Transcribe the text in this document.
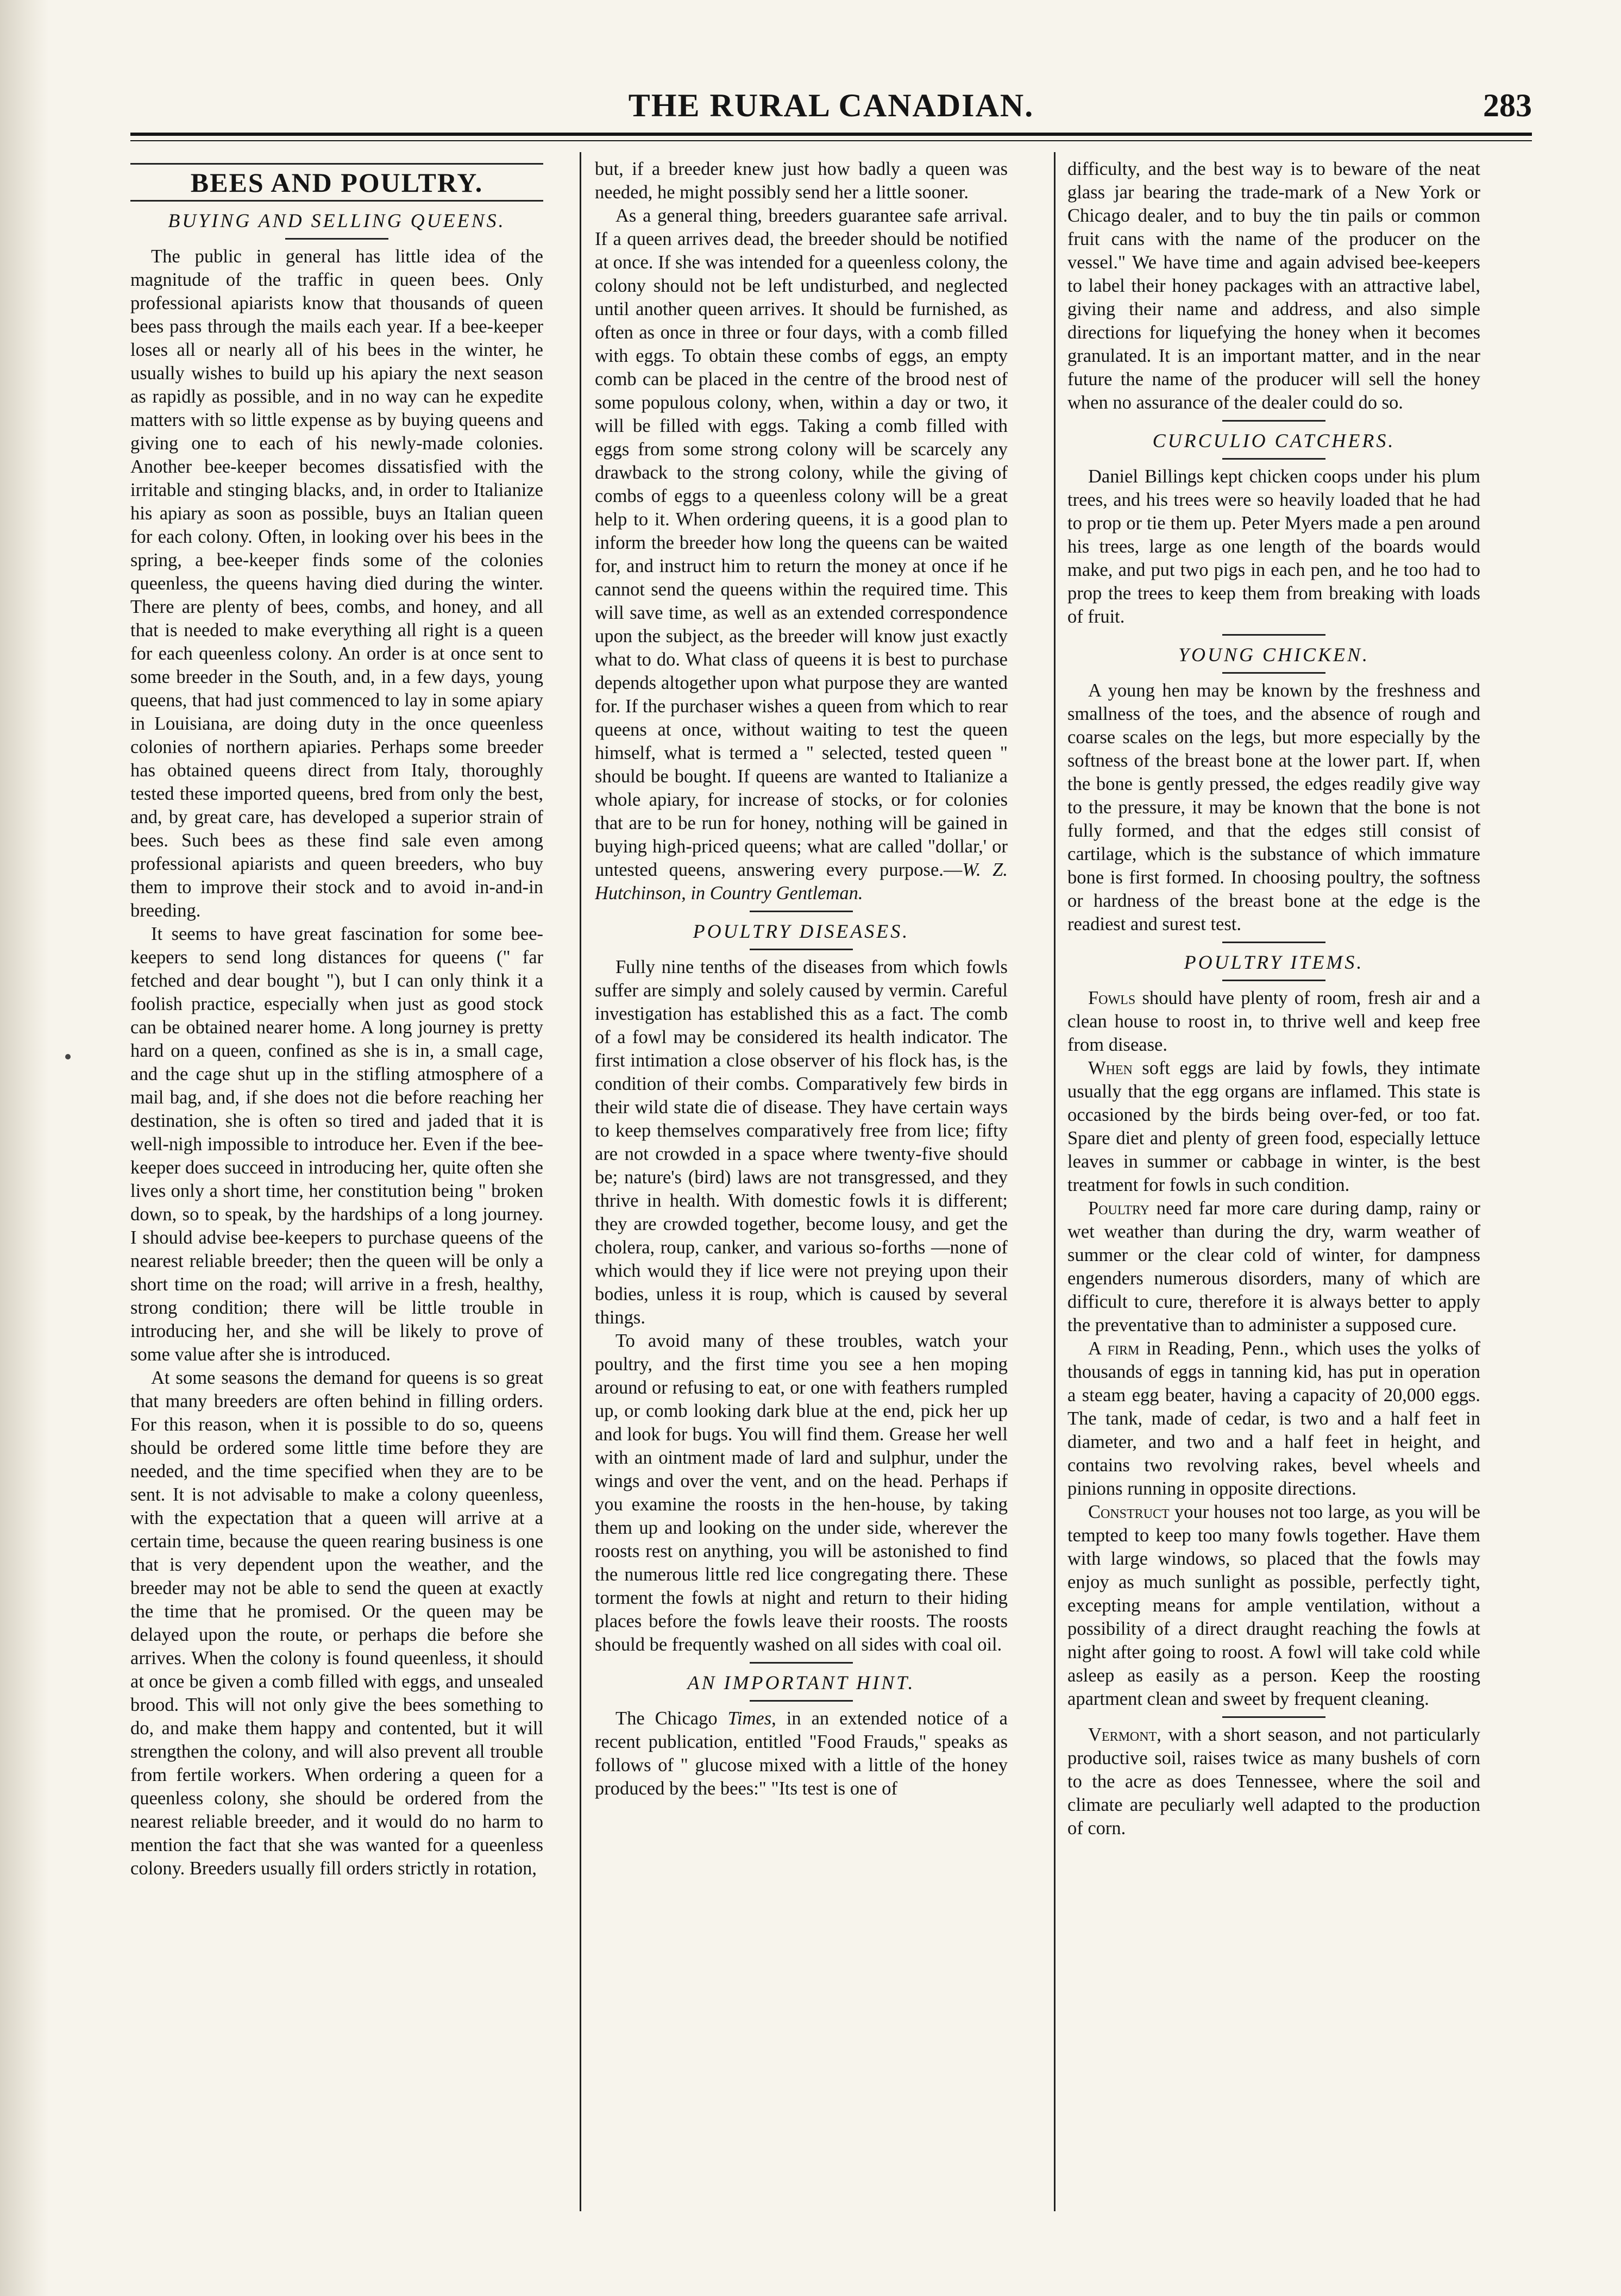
THE RURAL CANADIAN.	283
BEES AND POULTRY.
BUYING AND SELLING QUEENS.

The public in general has little idea of the magnitude of the traffic in queen bees. Only professional apiarists know that thousands of queen bees pass through the mails each year. If a bee-keeper loses all or nearly all of his bees in the winter, he usually wishes to build up his apiary the next season as rapidly as possible, and in no way can he expedite matters with so little expense as by buying queens and giving one to each of his newly-made colonies. Another bee-keeper becomes dissatisfied with the irritable and stinging blacks, and, in order to Italianize his apiary as soon as possible, buys an Italian queen for each colony. Often, in looking over his bees in the spring, a bee-keeper finds some of the colonies queenless, the queens having died during the winter. There are plenty of bees, combs, and honey, and all that is needed to make everything all right is a queen for each queenless colony. An order is at once sent to some breeder in the South, and, in a few days, young queens, that had just commenced to lay in some apiary in Louisiana, are doing duty in the once queenless colonies of northern apiaries. Perhaps some breeder has obtained queens direct from Italy, thoroughly tested these imported queens, bred from only the best, and, by great care, has developed a superior strain of bees. Such bees as these find sale even among professional apiarists and queen breeders, who buy them to improve their stock and to avoid in-and-in breeding.

It seems to have great fascination for some bee-keepers to send long distances for queens (" far fetched and dear bought "), but I can only think it a foolish practice, especially when just as good stock can be obtained nearer home. A long journey is pretty hard on a queen, confined as she is in, a small cage, and the cage shut up in the stifling atmosphere of a mail bag, and, if she does not die before reaching her destination, she is often so tired and jaded that it is well-nigh impossible to introduce her. Even if the bee-keeper does succeed in introducing her, quite often she lives only a short time, her constitution being " broken down, so to speak, by the hardships of a long journey. I should advise bee-keepers to purchase queens of the nearest reliable breeder; then the queen will be only a short time on the road; will arrive in a fresh, healthy, strong condition; there will be little trouble in introducing her, and she will be likely to prove of some value after she is introduced.

At some seasons the demand for queens is so great that many breeders are often behind in filling orders. For this reason, when it is possible to do so, queens should be ordered some little time before they are needed, and the time specified when they are to be sent. It is not advisable to make a colony queenless, with the expectation that a queen will arrive at a certain time, because the queen rearing business is one that is very dependent upon the weather, and the breeder may not be able to send the queen at exactly the time that he promised. Or the queen may be delayed upon the route, or perhaps die before she arrives. When the colony is found queenless, it should at once be given a comb filled with eggs, and unsealed brood. This will not only give the bees something to do, and make them happy and contented, but it will strengthen the colony, and will also prevent all trouble from fertile workers. When ordering a queen for a queenless colony, she should be ordered from the nearest reliable breeder, and it would do no harm to mention the fact that she was wanted for a queenless colony. Breeders usually fill orders strictly in rotation,

but, if a breeder knew just how badly a queen was needed, he might possibly send her a little sooner.

As a general thing, breeders guarantee safe arrival. If a queen arrives dead, the breeder should be notified at once. If she was intended for a queenless colony, the colony should not be left undisturbed, and neglected until another queen arrives. It should be furnished, as often as once in three or four days, with a comb filled with eggs. To obtain these combs of eggs, an empty comb can be placed in the centre of the brood nest of some populous colony, when, within a day or two, it will be filled with eggs. Taking a comb filled with eggs from some strong colony will be scarcely any drawback to the strong colony, while the giving of combs of eggs to a queenless colony will be a great help to it. When ordering queens, it is a good plan to inform the breeder how long the queens can be waited for, and instruct him to return the money at once if he cannot send the queens within the required time. This will save time, as well as an extended correspondence upon the subject, as the breeder will know just exactly what to do. What class of queens it is best to purchase depends altogether upon what purpose they are wanted for. If the purchaser wishes a queen from which to rear queens at once, without waiting to test the queen himself, what is termed a " selected, tested queen " should be bought. If queens are wanted to Italianize a whole apiary, for increase of stocks, or for colonies that are to be run for honey, nothing will be gained in buying high-priced queens; what are called "dollar,' or untested queens, answering every purpose.—W. Z. Hutchinson, in Country Gentleman.

POULTRY DISEASES.

Fully nine tenths of the diseases from which fowls suffer are simply and solely caused by vermin. Careful investigation has established this as a fact. The comb of a fowl may be considered its health indicator. The first intimation a close observer of his flock has, is the condition of their combs. Comparatively few birds in their wild state die of disease. They have certain ways to keep themselves comparatively free from lice; fifty are not crowded in a space where twenty-five should be; nature's (bird) laws are not transgressed, and they thrive in health. With domestic fowls it is different; they are crowded together, become lousy, and get the cholera, roup, canker, and various so-forths —none of which would they if lice were not preying upon their bodies, unless it is roup, which is caused by several things.

To avoid many of these troubles, watch your poultry, and the first time you see a hen moping around or refusing to eat, or one with feathers rumpled up, or comb looking dark blue at the end, pick her up and look for bugs. You will find them. Grease her well with an ointment made of lard and sulphur, under the wings and over the vent, and on the head. Perhaps if you examine the roosts in the hen-house, by taking them up and looking on the under side, wherever the roosts rest on anything, you will be astonished to find the numerous little red lice congregating there. These torment the fowls at night and return to their hiding places before the fowls leave their roosts. The roosts should be frequently washed on all sides with coal oil.

AN IMPORTANT HINT.

The Chicago Times, in an extended notice of a recent publication, entitled "Food Frauds," speaks as follows of " glucose mixed with a little of the honey produced by the bees:" "Its test is one of

difficulty, and the best way is to beware of the neat glass jar bearing the trade-mark of a New York or Chicago dealer, and to buy the tin pails or common fruit cans with the name of the producer on the vessel." We have time and again advised bee-keepers to label their honey packages with an attractive label, giving their name and address, and also simple directions for liquefying the honey when it becomes granulated. It is an important matter, and in the near future the name of the producer will sell the honey when no assurance of the dealer could do so.

CURCULIO CATCHERS.

Daniel Billings kept chicken coops under his plum trees, and his trees were so heavily loaded that he had to prop or tie them up. Peter Myers made a pen around his trees, large as one length of the boards would make, and put two pigs in each pen, and he too had to prop the trees to keep them from breaking with loads of fruit.

YOUNG CHICKEN.

A young hen may be known by the freshness and smallness of the toes, and the absence of rough and coarse scales on the legs, but more especially by the softness of the breast bone at the lower part. If, when the bone is gently pressed, the edges readily give way to the pressure, it may be known that the bone is not fully formed, and that the edges still consist of cartilage, which is the substance of which immature bone is first formed. In choosing poultry, the softness or hardness of the breast bone at the edge is the readiest and surest test.

POULTRY ITEMS.

Fowls should have plenty of room, fresh air and a clean house to roost in, to thrive well and keep free from disease.

When soft eggs are laid by fowls, they intimate usually that the egg organs are inflamed. This state is occasioned by the birds being over-fed, or too fat. Spare diet and plenty of green food, especially lettuce leaves in summer or cabbage in winter, is the best treatment for fowls in such condition.

Poultry need far more care during damp, rainy or wet weather than during the dry, warm weather of summer or the clear cold of winter, for dampness engenders numerous disorders, many of which are difficult to cure, therefore it is always better to apply the preventative than to administer a supposed cure.

A firm in Reading, Penn., which uses the yolks of thousands of eggs in tanning kid, has put in operation a steam egg beater, having a capacity of 20,000 eggs. The tank, made of cedar, is two and a half feet in diameter, and two and a half feet in height, and contains two revolving rakes, bevel wheels and pinions running in opposite directions.

Construct your houses not too large, as you will be tempted to keep too many fowls together. Have them with large windows, so placed that the fowls may enjoy as much sunlight as possible, perfectly tight, excepting means for ample ventilation, without a possibility of a direct draught reaching the fowls at night after going to roost. A fowl will take cold while asleep as easily as a person. Keep the roosting apartment clean and sweet by frequent cleaning.

Vermont, with a short season, and not particularly productive soil, raises twice as many bushels of corn to the acre as does Tennessee, where the soil and climate are peculiarly well adapted to the production of corn.
